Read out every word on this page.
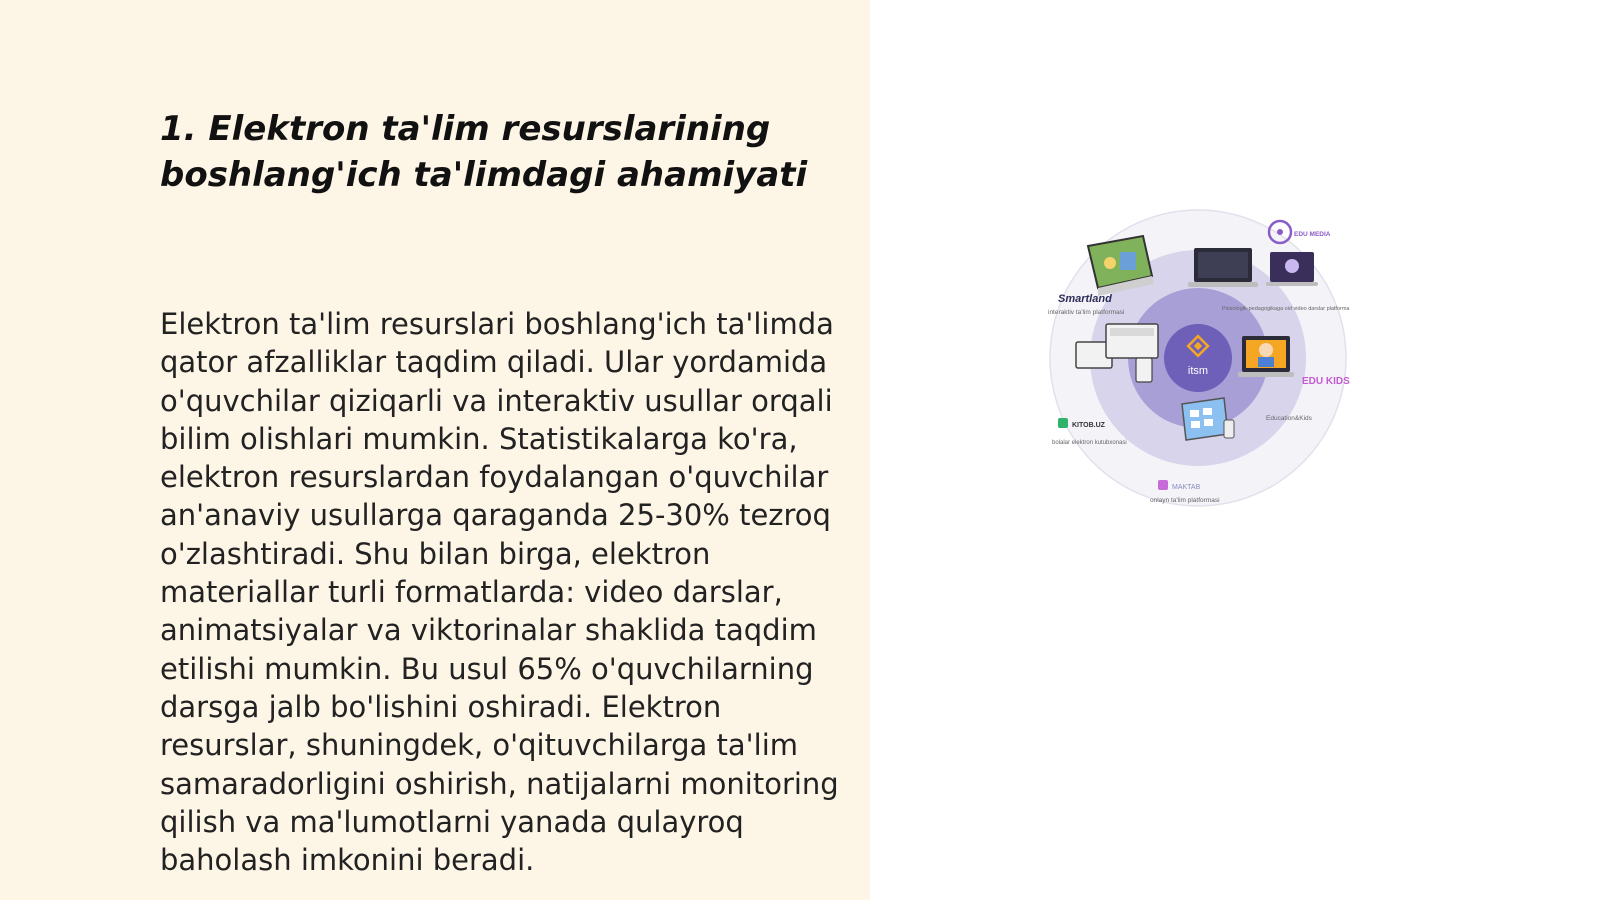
1. Elektron ta'lim resurslarining boshlang'ich ta'limdagi ahamiyati

Elektron ta'lim resurslari boshlang'ich ta'limda qator afzalliklar taqdim qiladi. Ular yordamida o'quvchilar qiziqarli va interaktiv usullar orqali bilim olishlari mumkin. Statistikalarga ko'ra, elektron resurslardan foydalangan o'quvchilar an'anaviy usullarga qaraganda 25-30% tezroq o'zlashtiradi. Shu bilan birga, elektron materiallar turli formatlarda: video darslar, animatsiyalar va viktorinalar shaklida taqdim etilishi mumkin. Bu usul 65% o'quvchilarning darsga jalb bo'lishini oshiradi. Elektron resurslar, shuningdek, o'qituvchilarga ta'lim samaradorligini oshirish, natijalarni monitoring qilish va ma'lumotlarni yanada qulayroq baholash imkonini beradi.

itsm
Smartland
interaktiv ta'lim platformasi
EDU MEDIA
Psixologik-pedagogikaga oid video darslar platforma
KITOB.UZ
bolalar elektron kutubxonasi
EDU KIDS
Education&Kids
MAKTAB
onlayn ta'lim platformasi
